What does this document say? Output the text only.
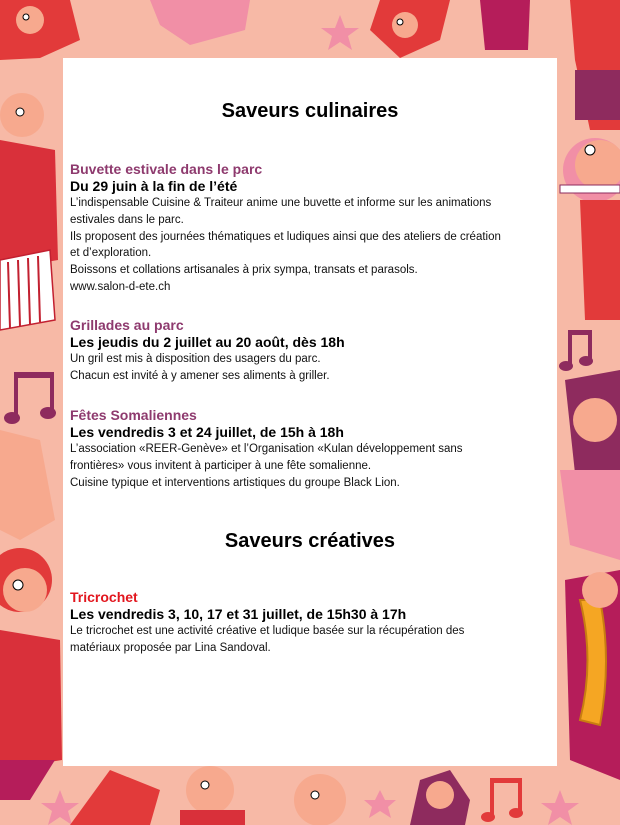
Saveurs culinaires
Buvette estivale dans le parc
Du 29 juin à la fin de l’été
L’indispensable Cuisine & Traiteur anime une buvette et informe sur les animations
estivales dans le parc.
Ils proposent des journées thématiques et ludiques ainsi que des ateliers de création
et d’exploration.
Boissons et collations artisanales à prix sympa, transats et parasols.
www.salon-d-ete.ch
Grillades au parc
Les jeudis du 2 juillet au 20 août, dès 18h
Un gril est mis à disposition des usagers du parc.
Chacun est invité à y amener ses aliments à griller.
Fêtes Somaliennes
Les vendredis 3 et 24 juillet, de 15h à 18h
L’association «REER-Genève» et l’Organisation «Kulan développement sans
frontières» vous invitent à participer à une fête somalienne.
Cuisine typique et interventions artistiques du groupe Black Lion.
Saveurs créatives
Tricrochet
Les vendredis 3, 10, 17 et 31 juillet, de 15h30 à 17h
Le tricrochet est une activité créative et ludique basée sur la récupération des
matériaux proposée par Lina Sandoval.
